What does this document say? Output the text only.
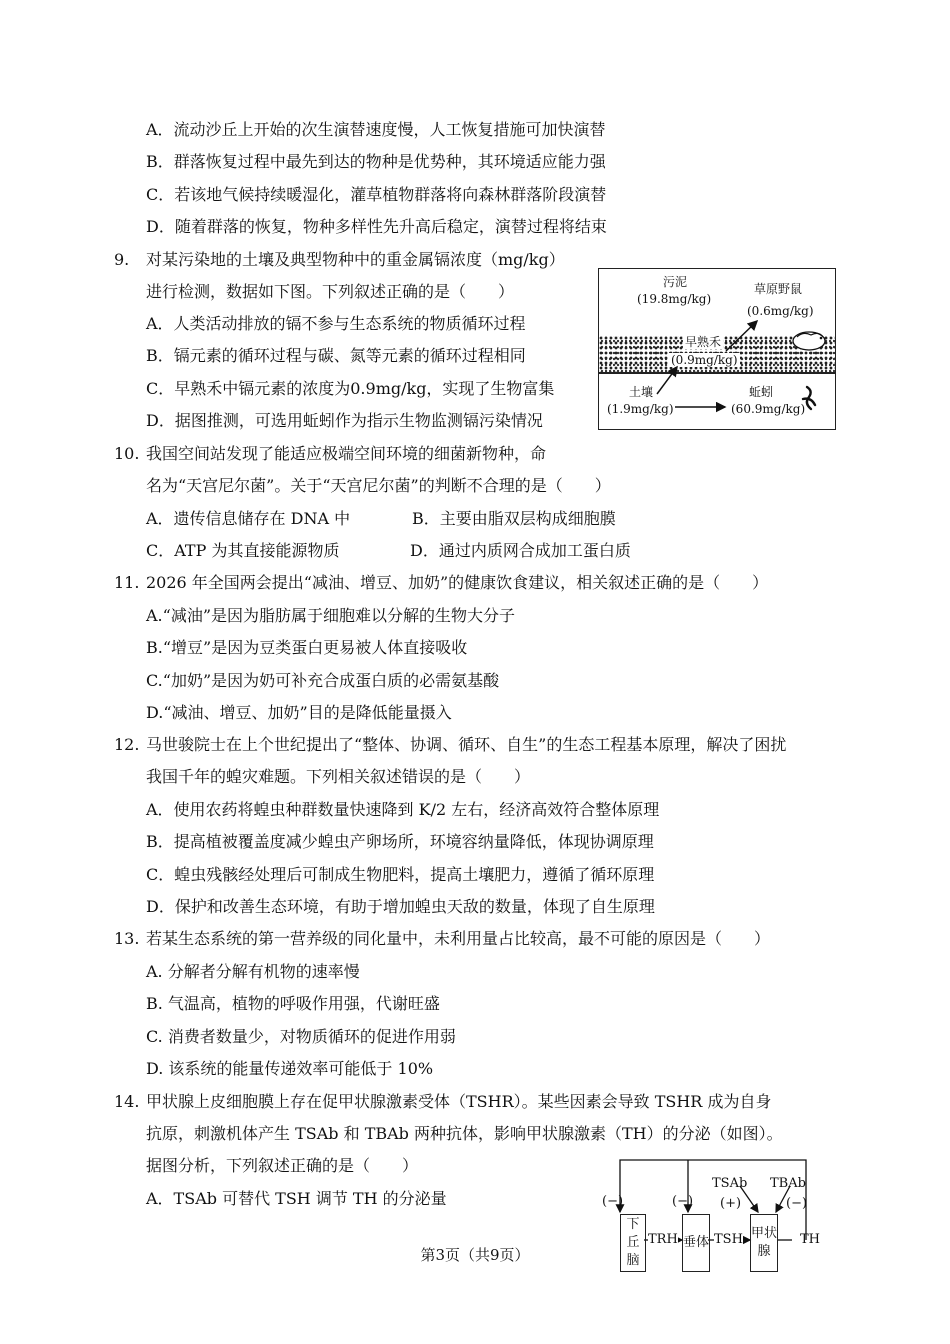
A．流动沙丘上开始的次生演替速度慢，人工恢复措施可加快演替
B．群落恢复过程中最先到达的物种是优势种，其环境适应能力强
C．若该地气候持续暖湿化，灌草植物群落将向森林群落阶段演替
D．随着群落的恢复，物种多样性先升高后稳定，演替过程将结束
9. 对某污染地的土壤及典型物种中的重金属镉浓度（mg/kg）
进行检测，数据如下图。下列叙述正确的是（　　）
A．人类活动排放的镉不参与生态系统的物质循环过程
B．镉元素的循环过程与碳、氮等元素的循环过程相同
C．早熟禾中镉元素的浓度为0.9mg/kg，实现了生物富集
D．据图推测，可选用蚯蚓作为指示生物监测镉污染情况
污泥
(19.8mg/kg)
草原野鼠
(0.6mg/kg)
早熟禾
(0.9mg/kg)
土壤
(1.9mg/kg)
蚯蚓
(60.9mg/kg)
10. 我国空间站发现了能适应极端空间环境的细菌新物种，命
名为“天宫尼尔菌”。关于“天宫尼尔菌”的判断不合理的是（　　）
A．遗传信息储存在 DNA 中	B．主要由脂双层构成细胞膜
C．ATP 为其直接能源物质	D．通过内质网合成加工蛋白质
11. 2026 年全国两会提出“减油、增豆、加奶”的健康饮食建议，相关叙述正确的是（　　）
A.“减油”是因为脂肪属于细胞难以分解的生物大分子
B.“增豆”是因为豆类蛋白更易被人体直接吸收
C.“加奶”是因为奶可补充合成蛋白质的必需氨基酸
D.“减油、增豆、加奶”目的是降低能量摄入
12. 马世骏院士在上个世纪提出了“整体、协调、循环、自生”的生态工程基本原理，解决了困扰
我国千年的蝗灾难题。下列相关叙述错误的是（　　）
A．使用农药将蝗虫种群数量快速降到 K/2 左右，经济高效符合整体原理
B．提高植被覆盖度减少蝗虫产卵场所，环境容纳量降低，体现协调原理
C．蝗虫残骸经处理后可制成生物肥料，提高土壤肥力，遵循了循环原理
D．保护和改善生态环境，有助于增加蝗虫天敌的数量，体现了自生原理
13. 若某生态系统的第一营养级的同化量中，未利用量占比较高，最不可能的原因是（　　）
A. 分解者分解有机物的速率慢
B. 气温高，植物的呼吸作用强，代谢旺盛
C. 消费者数量少，对物质循环的促进作用弱
D. 该系统的能量传递效率可能低于 10%
14. 甲状腺上皮细胞膜上存在促甲状腺激素受体（TSHR）。某些因素会导致 TSHR 成为自身
抗原，刺激机体产生 TSAb 和 TBAb 两种抗体，影响甲状腺激素（TH）的分泌（如图）。
据图分析，下列叙述正确的是（　　）
A．TSAb 可替代 TSH 调节 TH 的分泌量
下丘脑
垂体
甲状腺
TRH	TSH	TH
TSAb TBAb
(−)	(−) (+)	(−)
第3页（共9页）
